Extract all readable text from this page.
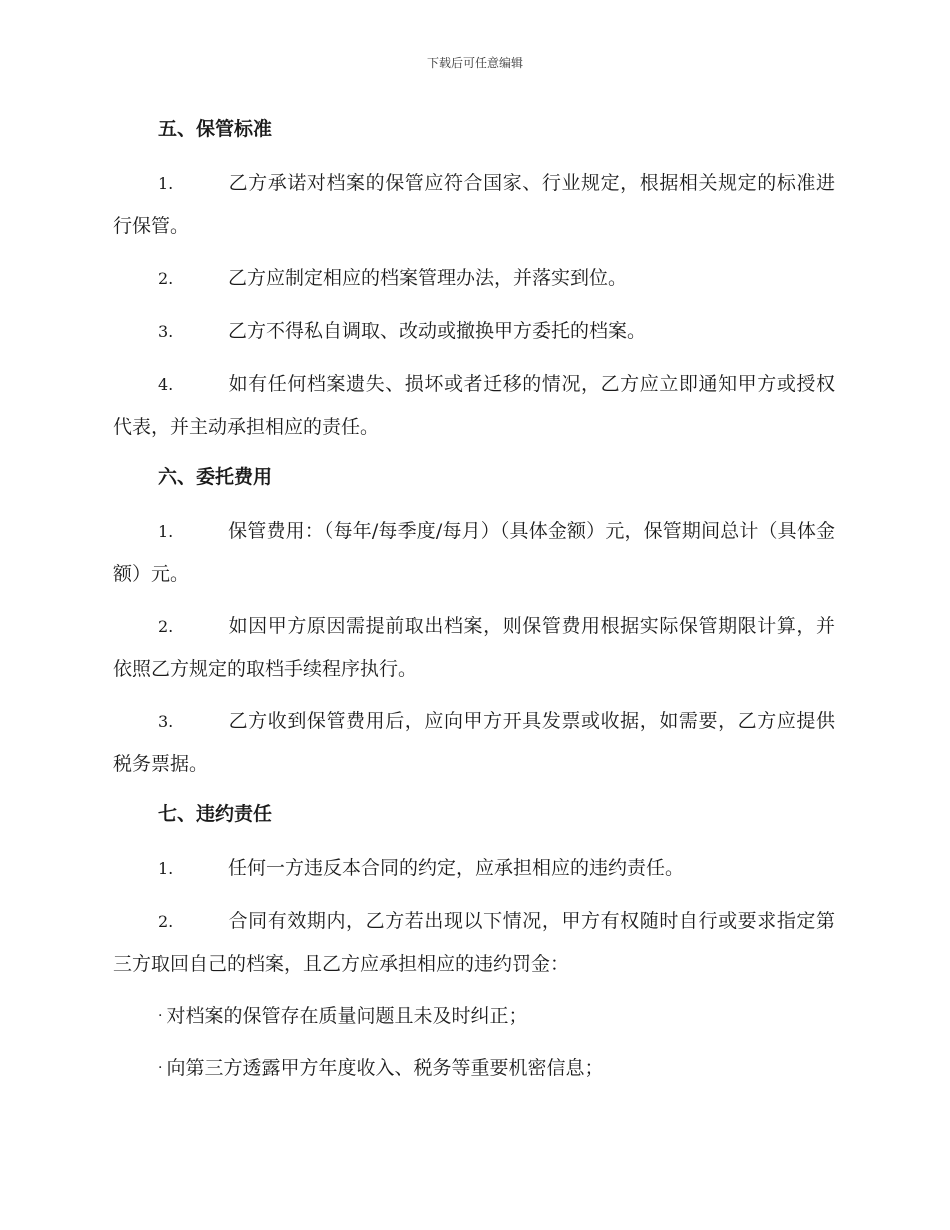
下载后可任意编辑
五、保管标准

1.	乙方承诺对档案的保管应符合国家、行业规定，根据相关规定的标准进行保管。

2.	乙方应制定相应的档案管理办法，并落实到位。

3.	乙方不得私自调取、改动或撤换甲方委托的档案。

4.	如有任何档案遗失、损坏或者迁移的情况，乙方应立即通知甲方或授权代表，并主动承担相应的责任。

六、委托费用

1.	保管费用：（每年/每季度/每月）（具体金额）元，保管期间总计（具体金额）元。

2.	如因甲方原因需提前取出档案，则保管费用根据实际保管期限计算，并依照乙方规定的取档手续程序执行。

3.	乙方收到保管费用后，应向甲方开具发票或收据，如需要，乙方应提供税务票据。

七、违约责任

1.	任何一方违反本合同的约定，应承担相应的违约责任。

2.	合同有效期内，乙方若出现以下情况，甲方有权随时自行或要求指定第三方取回自己的档案，且乙方应承担相应的违约罚金：

· 对档案的保管存在质量问题且未及时纠正；
· 向第三方透露甲方年度收入、税务等重要机密信息；
